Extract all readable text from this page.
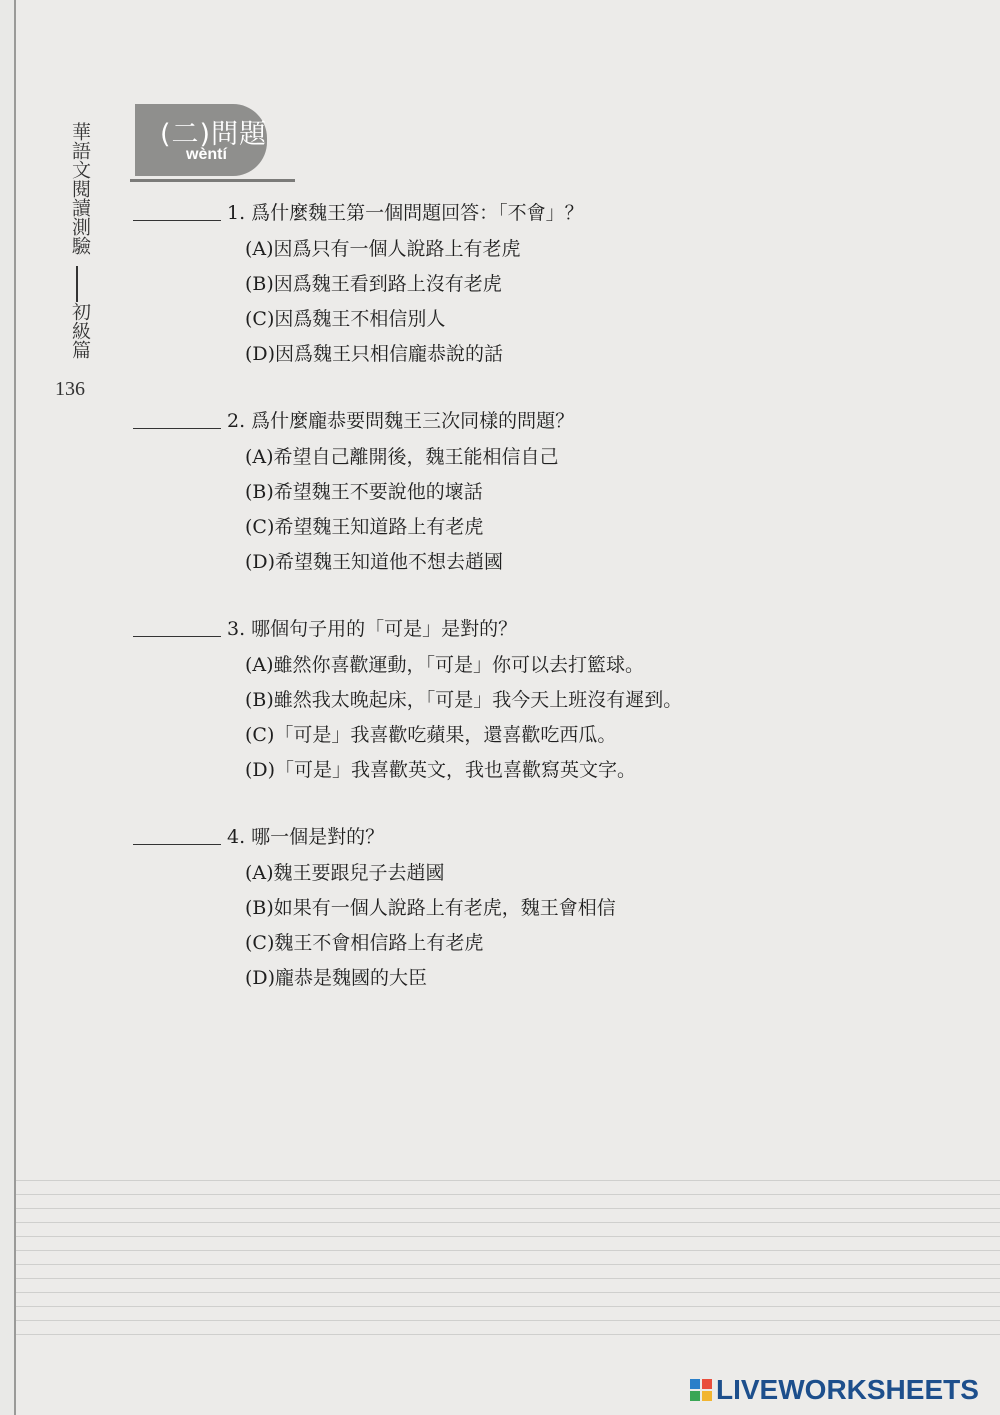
華語文閱讀測驗
初級篇
136
(二)問題
wèntí
1. 爲什麼魏王第一個問題回答：「不會」？
(A)因爲只有一個人說路上有老虎
(B)因爲魏王看到路上沒有老虎
(C)因爲魏王不相信別人
(D)因爲魏王只相信龐恭說的話
2. 爲什麼龐恭要問魏王三次同樣的問題？
(A)希望自己離開後，魏王能相信自己
(B)希望魏王不要說他的壞話
(C)希望魏王知道路上有老虎
(D)希望魏王知道他不想去趙國
3. 哪個句子用的「可是」是對的？
(A)雖然你喜歡運動，「可是」你可以去打籃球。
(B)雖然我太晚起床，「可是」我今天上班沒有遲到。
(C)「可是」我喜歡吃蘋果，還喜歡吃西瓜。
(D)「可是」我喜歡英文，我也喜歡寫英文字。
4. 哪一個是對的？
(A)魏王要跟兒子去趙國
(B)如果有一個人說路上有老虎，魏王會相信
(C)魏王不會相信路上有老虎
(D)龐恭是魏國的大臣
LIVEWORKSHEETS
